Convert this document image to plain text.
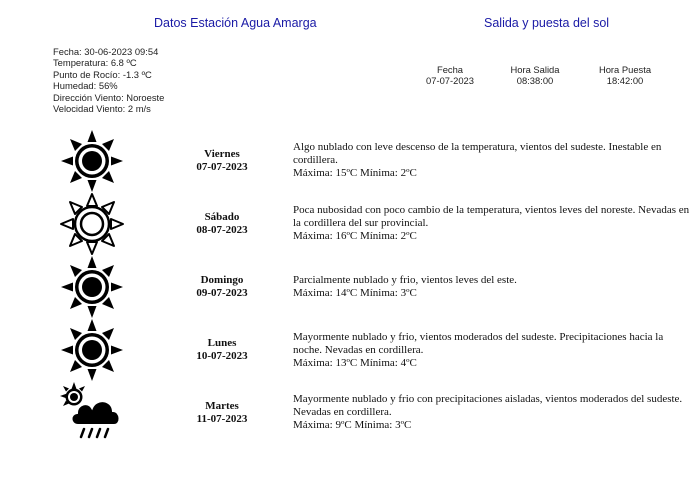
Datos Estación Agua Amarga	Salida y puesta del sol
Fecha: 30-06-2023 09:54
Temperatura: 6.8 ºC
Punto de Rocío: -1.3 ºC
Humedad: 56%
Dirección Viento: Noroeste
Velocidad Viento: 2 m/s
Fecha
07-07-2023
Hora Salida
08:38:00
Hora Puesta
18:42:00
Viernes
07-07-2023
Algo nublado con leve descenso de la temperatura, vientos del sudeste. Inestable en cordillera.
Máxima: 15ºC Mínima: 2ºC
Sábado
08-07-2023
Poca nubosidad con poco cambio de la temperatura, vientos leves del noreste. Nevadas en la cordillera del sur provincial.
Máxima: 16ºC Mínima: 2ºC
Domingo
09-07-2023
Parcialmente nublado y frio, vientos leves del este.
Máxima: 14ºC Mínima: 3ºC
Lunes
10-07-2023
Mayormente nublado y frio, vientos moderados del sudeste. Precipitaciones hacia la noche. Nevadas en cordillera.
Máxima: 13ºC Mínima: 4ºC
Martes
11-07-2023
Mayormente nublado y frio con precipitaciones aisladas, vientos moderados del sudeste. Nevadas en cordillera.
Máxima: 9ºC Mínima: 3ºC
